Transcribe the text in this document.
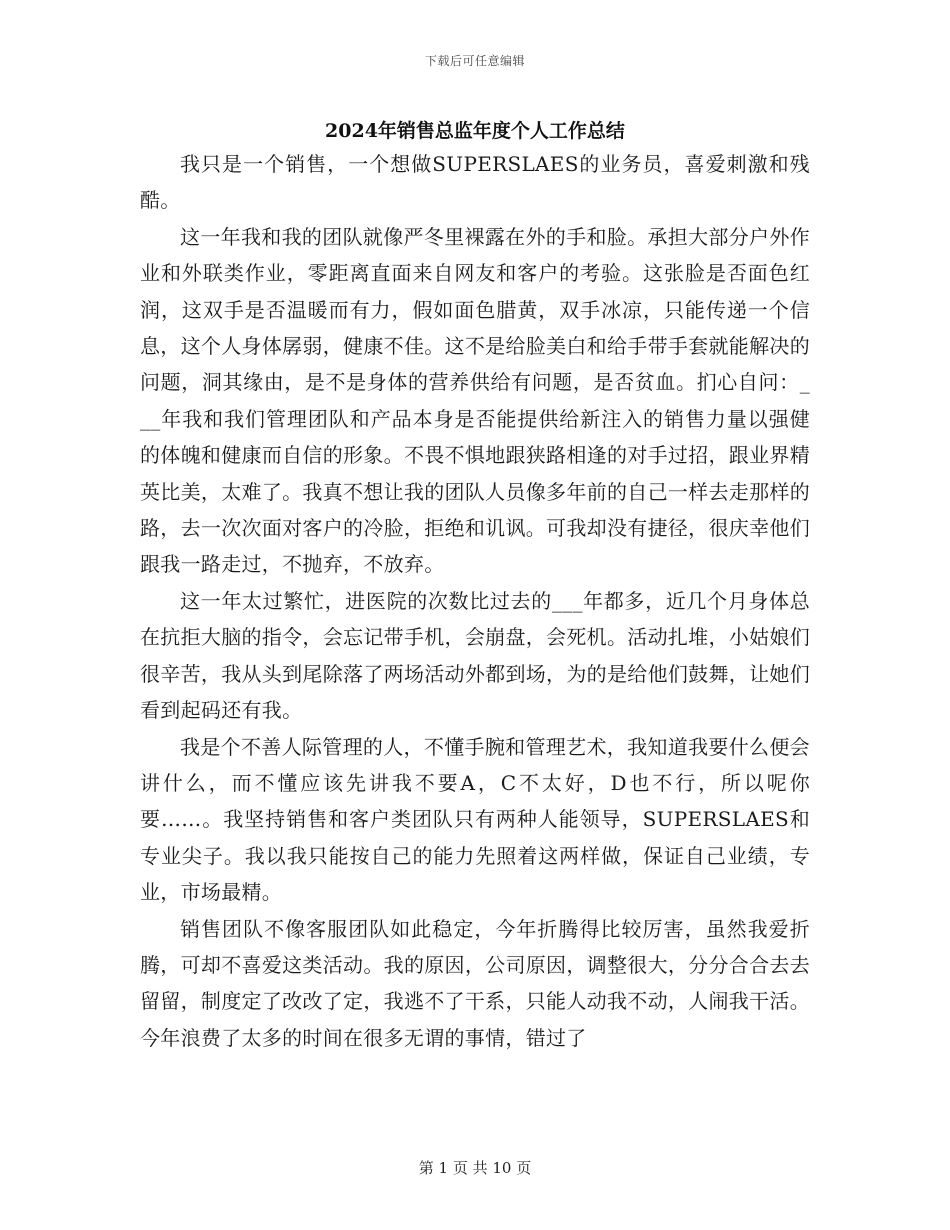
下载后可任意编辑
2024年销售总监年度个人工作总结

我只是一个销售，一个想做SUPERSLAES的业务员，喜爱刺激和残酷。

这一年我和我的团队就像严冬里裸露在外的手和脸。承担大部分户外作业和外联类作业，零距离直面来自网友和客户的考验。这张脸是否面色红润，这双手是否温暖而有力，假如面色腊黄，双手冰凉，只能传递一个信息，这个人身体孱弱，健康不佳。这不是给脸美白和给手带手套就能解决的问题，洞其缘由，是不是身体的营养供给有问题，是否贫血。扪心自问：___年我和我们管理团队和产品本身是否能提供给新注入的销售力量以强健的体魄和健康而自信的形象。不畏不惧地跟狭路相逢的对手过招，跟业界精英比美，太难了。我真不想让我的团队人员像多年前的自己一样去走那样的路，去一次次面对客户的冷脸，拒绝和讥讽。可我却没有捷径，很庆幸他们跟我一路走过，不抛弃，不放弃。

这一年太过繁忙，进医院的次数比过去的___年都多，近几个月身体总在抗拒大脑的指令，会忘记带手机，会崩盘，会死机。活动扎堆，小姑娘们很辛苦，我从头到尾除落了两场活动外都到场，为的是给他们鼓舞，让她们看到起码还有我。

我是个不善人际管理的人，不懂手腕和管理艺术，我知道我要什么便会讲什么，而不懂应该先讲我不要A，C不太好，D也不行，所以呢你要……。我坚持销售和客户类团队只有两种人能领导，SUPERSLAES和专业尖子。我以我只能按自己的能力先照着这两样做，保证自己业绩，专业，市场最精。

销售团队不像客服团队如此稳定，今年折腾得比较厉害，虽然我爱折腾，可却不喜爱这类活动。我的原因，公司原因，调整很大，分分合合去去留留，制度定了改改了定，我逃不了干系，只能人动我不动，人闹我干活。今年浪费了太多的时间在很多无谓的事情，错过了

第 1 页 共 10 页
